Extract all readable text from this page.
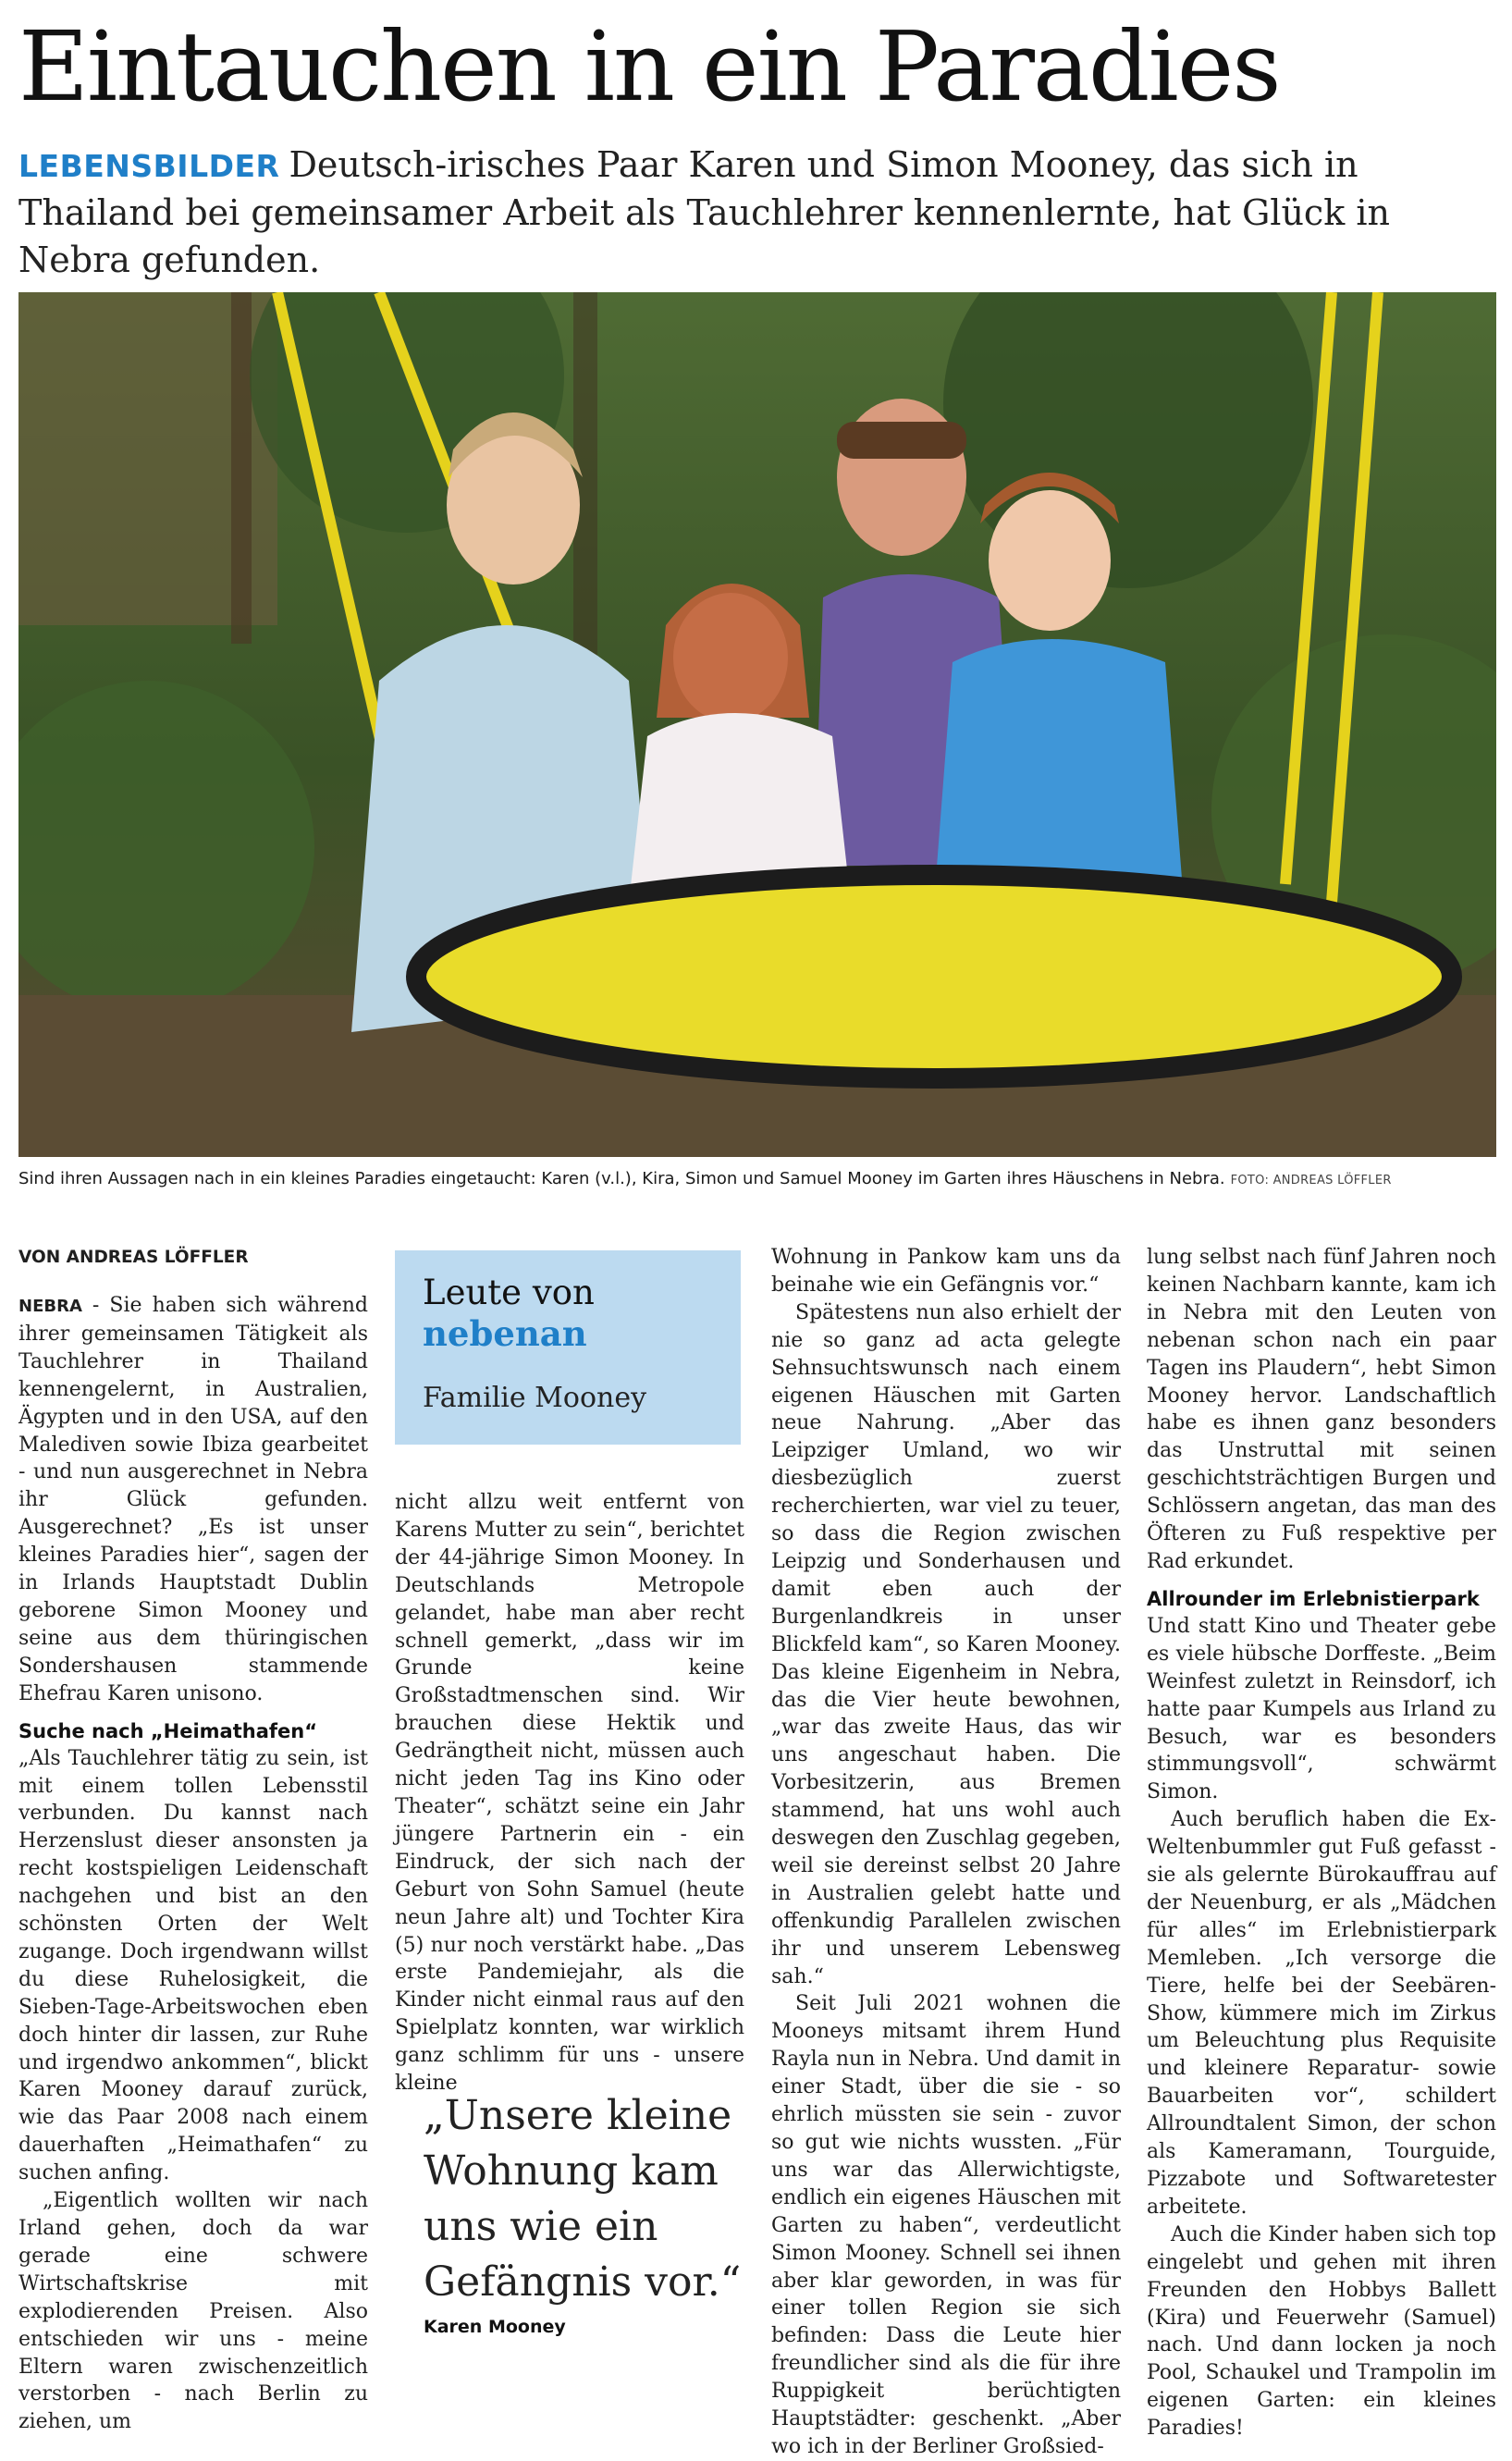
Eintauchen in ein Paradies
LEBENSBILDER Deutsch-irisches Paar Karen und Simon Mooney, das sich in Thailand bei gemeinsamer Arbeit als Tauchlehrer kennenlernte, hat Glück in Nebra gefunden.
Sind ihren Aussagen nach in ein kleines Paradies eingetaucht: Karen (v.l.), Kira, Simon und Samuel Mooney im Garten ihres Häuschens in Nebra. FOTO: ANDREAS LÖFFLER
VON ANDREAS LÖFFLER

NEBRA - Sie haben sich während ihrer gemeinsamen Tätigkeit als Tauchlehrer in Thailand kennengelernt, in Australien, Ägypten und in den USA, auf den Malediven sowie Ibiza gearbeitet - und nun ausgerechnet in Nebra ihr Glück gefunden. Ausgerechnet? „Es ist unser kleines Paradies hier“, sagen der in Irlands Hauptstadt Dublin geborene Simon Mooney und seine aus dem thüringischen Sondershausen stammende Ehefrau Karen unisono.

Suche nach „Heimathafen“

„Als Tauchlehrer tätig zu sein, ist mit einem tollen Lebensstil verbunden. Du kannst nach Herzenslust dieser ansonsten ja recht kostspieligen Leidenschaft nachgehen und bist an den schönsten Orten der Welt zugange. Doch irgendwann willst du diese Ruhelosigkeit, die Sieben-Tage-Arbeitswochen eben doch hinter dir lassen, zur Ruhe und irgendwo ankommen“, blickt Karen Mooney darauf zurück, wie das Paar 2008 nach einem dauerhaften „Heimathafen“ zu suchen anfing.

„Eigentlich wollten wir nach Irland gehen, doch da war gerade eine schwere Wirtschaftskrise mit explodierenden Preisen. Also entschieden wir uns - meine Eltern waren zwischenzeitlich verstorben - nach Berlin zu ziehen, um

Leute von
nebenan
Familie Mooney

nicht allzu weit entfernt von Karens Mutter zu sein“, berichtet der 44-jährige Simon Mooney. In Deutschlands Metropole gelandet, habe man aber recht schnell gemerkt, „dass wir im Grunde keine Großstadtmenschen sind. Wir brauchen diese Hektik und Gedrängtheit nicht, müssen auch nicht jeden Tag ins Kino oder Theater“, schätzt seine ein Jahr jüngere Partnerin ein - ein Eindruck, der sich nach der Geburt von Sohn Samuel (heute neun Jahre alt) und Tochter Kira (5) nur noch verstärkt habe. „Das erste Pandemiejahr, als die Kinder nicht einmal raus auf den Spielplatz konnten, war wirklich ganz schlimm für uns - unsere kleine

„Unsere kleine Wohnung kam uns wie ein Gefängnis vor.“
Karen Mooney

Wohnung in Pankow kam uns da beinahe wie ein Gefängnis vor.“

Spätestens nun also erhielt der nie so ganz ad acta gelegte Sehnsuchtswunsch nach einem eigenen Häuschen mit Garten neue Nahrung. „Aber das Leipziger Umland, wo wir diesbezüglich zuerst recherchierten, war viel zu teuer, so dass die Region zwischen Leipzig und Sonderhausen und damit eben auch der Burgenlandkreis in unser Blickfeld kam“, so Karen Mooney. Das kleine Eigenheim in Nebra, das die Vier heute bewohnen, „war das zweite Haus, das wir uns angeschaut haben. Die Vorbesitzerin, aus Bremen stammend, hat uns wohl auch deswegen den Zuschlag gegeben, weil sie dereinst selbst 20 Jahre in Australien gelebt hatte und offenkundig Parallelen zwischen ihr und unserem Lebensweg sah.“

Seit Juli 2021 wohnen die Mooneys mitsamt ihrem Hund Rayla nun in Nebra. Und damit in einer Stadt, über die sie - so ehrlich müssten sie sein - zuvor so gut wie nichts wussten. „Für uns war das Allerwichtigste, endlich ein eigenes Häuschen mit Garten zu haben“, verdeutlicht Simon Mooney. Schnell sei ihnen aber klar geworden, in was für einer tollen Region sie sich befinden: Dass die Leute hier freundlicher sind als die für ihre Ruppigkeit berüchtigten Hauptstädter: geschenkt. „Aber wo ich in der Berliner Großsied-

lung selbst nach fünf Jahren noch keinen Nachbarn kannte, kam ich in Nebra mit den Leuten von nebenan schon nach ein paar Tagen ins Plaudern“, hebt Simon Mooney hervor. Landschaftlich habe es ihnen ganz besonders das Unstruttal mit seinen geschichtsträchtigen Burgen und Schlössern angetan, das man des Öfteren zu Fuß respektive per Rad erkundet.

Allrounder im Erlebnistierpark

Und statt Kino und Theater gebe es viele hübsche Dorffeste. „Beim Weinfest zuletzt in Reinsdorf, ich hatte paar Kumpels aus Irland zu Besuch, war es besonders stimmungsvoll“, schwärmt Simon.

Auch beruflich haben die Ex-Weltenbummler gut Fuß gefasst - sie als gelernte Bürokauffrau auf der Neuenburg, er als „Mädchen für alles“ im Erlebnistierpark Memleben. „Ich versorge die Tiere, helfe bei der Seebären-Show, kümmere mich im Zirkus um Beleuchtung plus Requisite und kleinere Reparatur- sowie Bauarbeiten vor“, schildert Allroundtalent Simon, der schon als Kameramann, Tourguide, Pizzabote und Softwaretester arbeitete.

Auch die Kinder haben sich top eingelebt und gehen mit ihren Freunden den Hobbys Ballett (Kira) und Feuerwehr (Samuel) nach. Und dann locken ja noch Pool, Schaukel und Trampolin im eigenen Garten: ein kleines Paradies!
